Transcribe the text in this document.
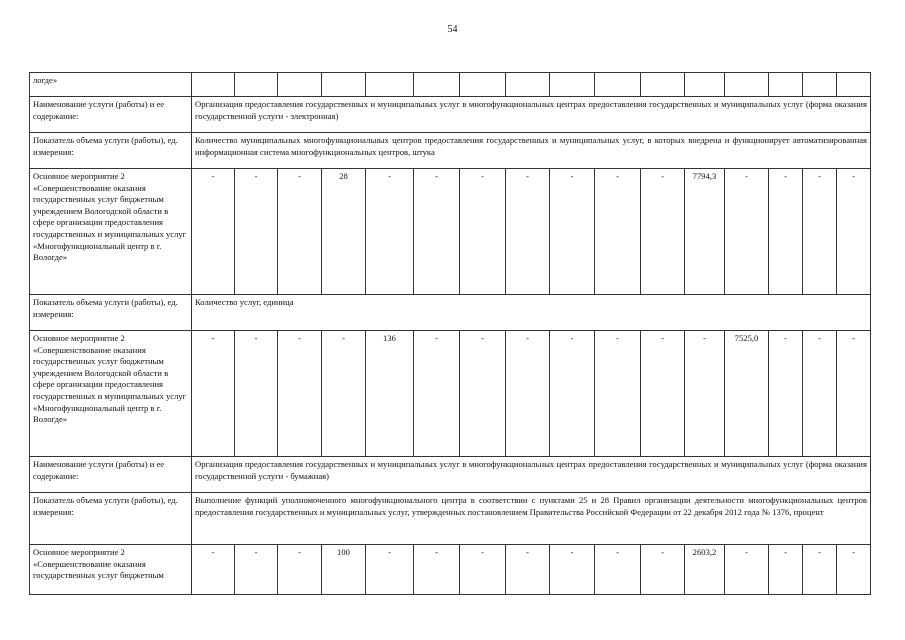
54
логде»																
Наименование услуги (работы) и ее содержание:	Организация предоставления государственных и муниципальных услуг в многофункциональных центрах предоставления государственных и муниципальных услуг (форма оказания государственной услуги - электронная)															
Показатель объема услуги (работы), ед. измерения:	Количество муниципальных многофункциональных центров предоставления государственных и муниципальных услуг, в которых внедрена и функционирует автоматизированная информационная система многофункциональных центров, штука															
Основное мероприятие 2 «Совершенствование оказания государственных услуг бюджетным учреждением Вологодской области в сфере организации предоставления государственных и муниципальных услуг «Многофункциональный центр в г. Вологде»	-	-	-	28	-	-	-	-	-	-	-	7794,3	-	-	-	-
Показатель объема услуги (работы), ед. измерения:	Количество услуг, единица															
Основное мероприятие 2 «Совершенствование оказания государственных услуг бюджетным учреждением Вологодской области в сфере организации предоставления государственных и муниципальных услуг «Многофункциональный центр в г. Вологде»	-	-	-	-	136	-	-	-	-	-	-	-	7525,0	-	-	-
Наименование услуги (работы) и ее содержание:	Организация предоставления государственных и муниципальных услуг в многофункциональных центрах предоставления государственных и муниципальных услуг (форма оказания государственной услуги - бумажная)															
Показатель объема услуги (работы), ед. измерения:	Выполнение функций уполномоченного многофункционального центра в соответствии с пунктами 25 и 28 Правил организации деятельности многофункциональных центров предоставления государственных и муниципальных услуг, утвержденных постановлением Правительства Российской Федерации от 22 декабря 2012 года № 1376, процент															
Основное мероприятие 2 «Совершенствование оказания государственных услуг бюджетным	-	-	-	100	-	-	-	-	-	-	-	2603,2	-	-	-	-
